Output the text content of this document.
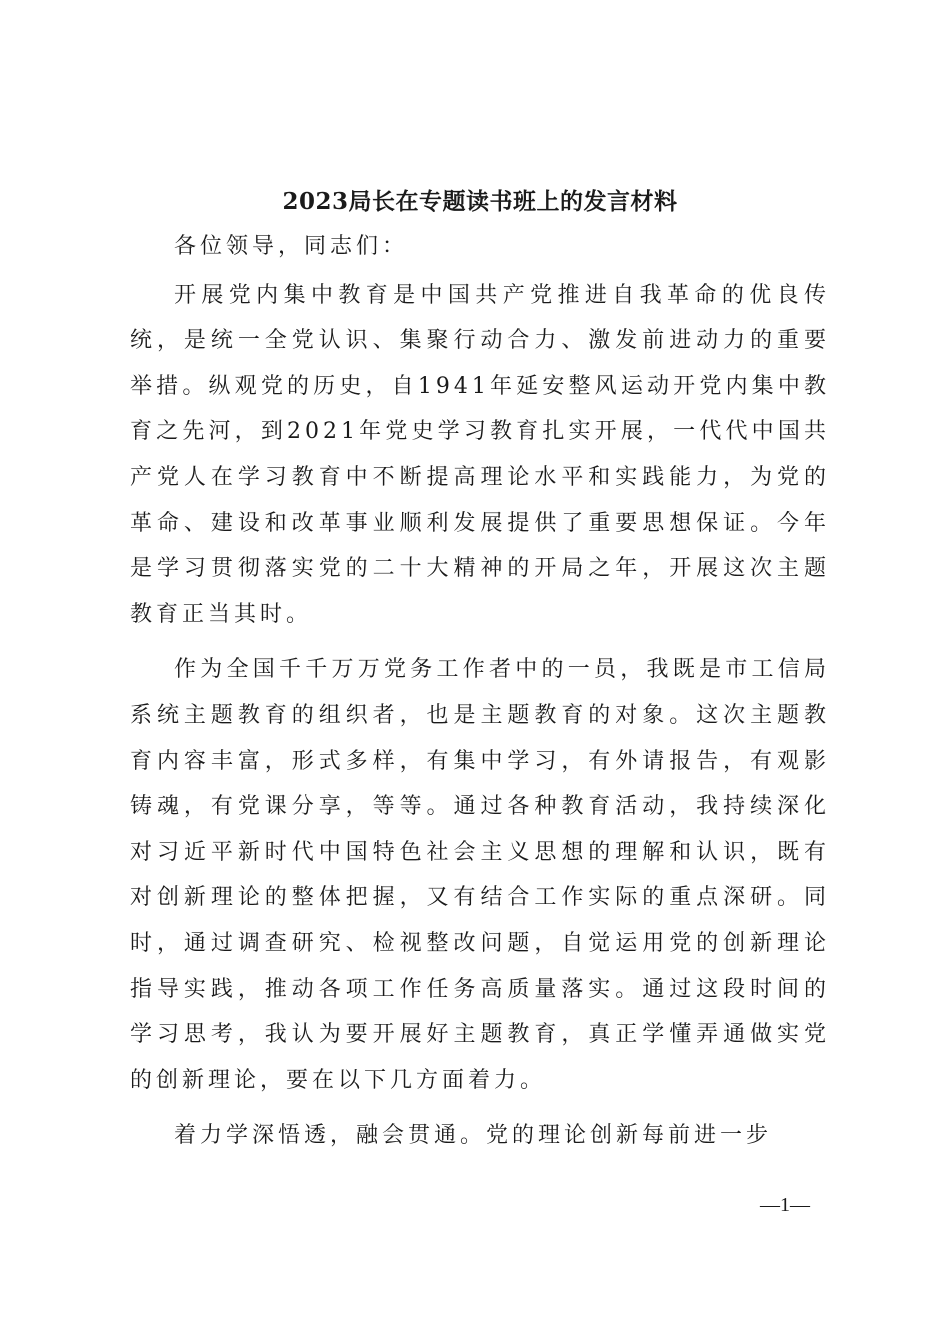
2023局长在专题读书班上的发言材料

各位领导，同志们：

开展党内集中教育是中国共产党推进自我革命的优良传统，是统一全党认识、集聚行动合力、激发前进动力的重要举措。纵观党的历史，自1941年延安整风运动开党内集中教育之先河，到2021年党史学习教育扎实开展，一代代中国共产党人在学习教育中不断提高理论水平和实践能力，为党的革命、建设和改革事业顺利发展提供了重要思想保证。今年是学习贯彻落实党的二十大精神的开局之年，开展这次主题教育正当其时。

作为全国千千万万党务工作者中的一员，我既是市工信局系统主题教育的组织者，也是主题教育的对象。这次主题教育内容丰富，形式多样，有集中学习，有外请报告，有观影铸魂，有党课分享，等等。通过各种教育活动，我持续深化对习近平新时代中国特色社会主义思想的理解和认识，既有对创新理论的整体把握，又有结合工作实际的重点深研。同时，通过调查研究、检视整改问题，自觉运用党的创新理论指导实践，推动各项工作任务高质量落实。通过这段时间的学习思考，我认为要开展好主题教育，真正学懂弄通做实党的创新理论，要在以下几方面着力。

着力学深悟透，融会贯通。党的理论创新每前进一步

—1—
